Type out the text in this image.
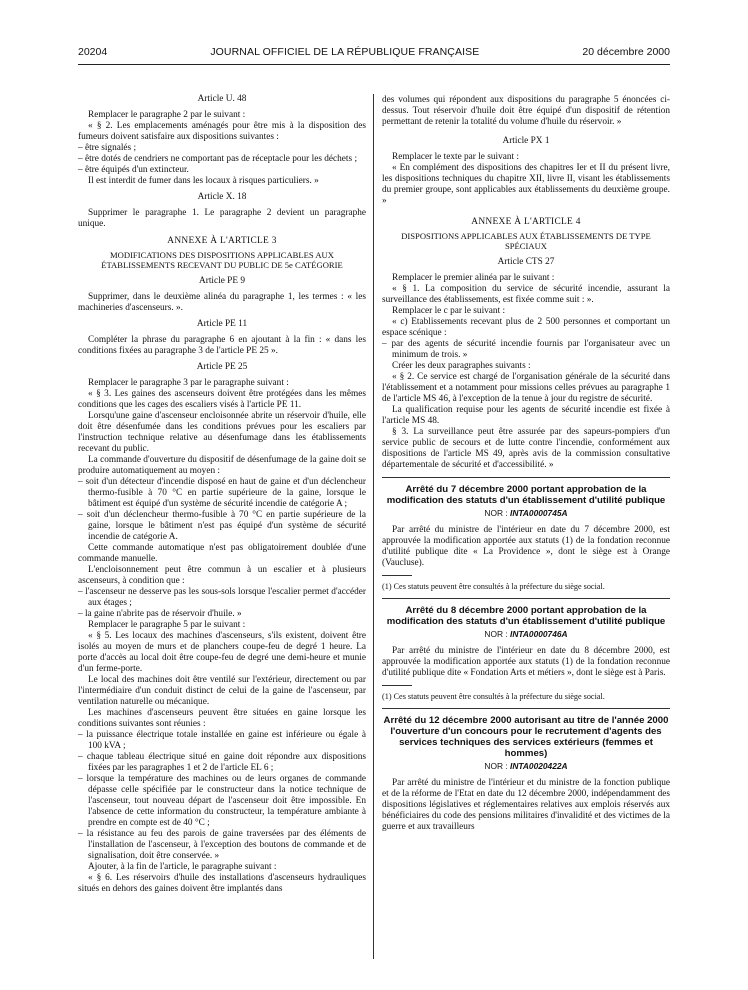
20204	JOURNAL OFFICIEL DE LA RÉPUBLIQUE FRANÇAISE	20 décembre 2000
Article U. 48

Remplacer le paragraphe 2 par le suivant :

« § 2. Les emplacements aménagés pour être mis à la disposition des fumeurs doivent satisfaire aux dispositions suivantes :

– être signalés ;

– être dotés de cendriers ne comportant pas de réceptacle pour les déchets ;

– être équipés d'un extincteur.

Il est interdit de fumer dans les locaux à risques particuliers. »

Article X. 18

Supprimer le paragraphe 1. Le paragraphe 2 devient un paragraphe unique.

ANNEXE À L'ARTICLE 3
MODIFICATIONS DES DISPOSITIONS APPLICABLES AUX ÉTABLISSEMENTS RECEVANT DU PUBLIC DE 5e CATÉGORIE
Article PE 9

Supprimer, dans le deuxième alinéa du paragraphe 1, les termes : « les machineries d'ascenseurs. ».

Article PE 11

Compléter la phrase du paragraphe 6 en ajoutant à la fin : « dans les conditions fixées au paragraphe 3 de l'article PE 25 ».

Article PE 25

Remplacer le paragraphe 3 par le paragraphe suivant :

« § 3. Les gaines des ascenseurs doivent être protégées dans les mêmes conditions que les cages des escaliers visés à l'article PE 11.

Lorsqu'une gaine d'ascenseur encloisonnée abrite un réservoir d'huile, elle doit être désenfumée dans les conditions prévues pour les escaliers par l'instruction technique relative au désenfumage dans les établissements recevant du public.

La commande d'ouverture du dispositif de désenfumage de la gaine doit se produire automatiquement au moyen :

– soit d'un détecteur d'incendie disposé en haut de gaine et d'un déclencheur thermo-fusible à 70 °C en partie supérieure de la gaine, lorsque le bâtiment est équipé d'un système de sécurité incendie de catégorie A ;

– soit d'un déclencheur thermo-fusible à 70 °C en partie supérieure de la gaine, lorsque le bâtiment n'est pas équipé d'un système de sécurité incendie de catégorie A.

Cette commande automatique n'est pas obligatoirement doublée d'une commande manuelle.

L'encloisonnement peut être commun à un escalier et à plusieurs ascenseurs, à condition que :

– l'ascenseur ne desserve pas les sous-sols lorsque l'escalier permet d'accéder aux étages ;

– la gaine n'abrite pas de réservoir d'huile. »

Remplacer le paragraphe 5 par le suivant :

« § 5. Les locaux des machines d'ascenseurs, s'ils existent, doivent être isolés au moyen de murs et de planchers coupe-feu de degré 1 heure. La porte d'accès au local doit être coupe-feu de degré une demi-heure et munie d'un ferme-porte.

Le local des machines doit être ventilé sur l'extérieur, directement ou par l'intermédiaire d'un conduit distinct de celui de la gaine de l'ascenseur, par ventilation naturelle ou mécanique.

Les machines d'ascenseurs peuvent être situées en gaine lorsque les conditions suivantes sont réunies :

– la puissance électrique totale installée en gaine est inférieure ou égale à 100 kVA ;

– chaque tableau électrique situé en gaine doit répondre aux dispositions fixées par les paragraphes 1 et 2 de l'article EL 6 ;

– lorsque la température des machines ou de leurs organes de commande dépasse celle spécifiée par le constructeur dans la notice technique de l'ascenseur, tout nouveau départ de l'ascenseur doit être impossible. En l'absence de cette information du constructeur, la température ambiante à prendre en compte est de 40 °C ;

– la résistance au feu des parois de gaine traversées par des éléments de l'installation de l'ascenseur, à l'exception des boutons de commande et de signalisation, doit être conservée. »

Ajouter, à la fin de l'article, le paragraphe suivant :

« § 6. Les réservoirs d'huile des installations d'ascenseurs hydrauliques situés en dehors des gaines doivent être implantés dans

des volumes qui répondent aux dispositions du paragraphe 5 énoncées ci-dessus. Tout réservoir d'huile doit être équipé d'un dispositif de rétention permettant de retenir la totalité du volume d'huile du réservoir. »

Article PX 1

Remplacer le texte par le suivant :

« En complément des dispositions des chapitres Ier et II du présent livre, les dispositions techniques du chapitre XII, livre II, visant les établissements du premier groupe, sont applicables aux établissements du deuxième groupe. »

ANNEXE À L'ARTICLE 4
DISPOSITIONS APPLICABLES AUX ÉTABLISSEMENTS DE TYPE SPÉCIAUX
Article CTS 27

Remplacer le premier alinéa par le suivant :

« § 1. La composition du service de sécurité incendie, assurant la surveillance des établissements, est fixée comme suit : ».

Remplacer le c par le suivant :

« c) Etablissements recevant plus de 2 500 personnes et comportant un espace scénique :

– par des agents de sécurité incendie fournis par l'organisateur avec un minimum de trois. »

Créer les deux paragraphes suivants :

« § 2. Ce service est chargé de l'organisation générale de la sécurité dans l'établissement et a notamment pour missions celles prévues au paragraphe 1 de l'article MS 46, à l'exception de la tenue à jour du registre de sécurité.

La qualification requise pour les agents de sécurité incendie est fixée à l'article MS 48.

§ 3. La surveillance peut être assurée par des sapeurs-pompiers d'un service public de secours et de lutte contre l'incendie, conformément aux dispositions de l'article MS 49, après avis de la commission consultative départementale de sécurité et d'accessibilité. »

Arrêté du 7 décembre 2000 portant approbation de la modification des statuts d'un établissement d'utilité publique
NOR : INTA0000745A

Par arrêté du ministre de l'intérieur en date du 7 décembre 2000, est approuvée la modification apportée aux statuts (1) de la fondation reconnue d'utilité publique dite « La Providence », dont le siège est à Orange (Vaucluse).

(1) Ces statuts peuvent être consultés à la préfecture du siège social.

Arrêté du 8 décembre 2000 portant approbation de la modification des statuts d'un établissement d'utilité publique
NOR : INTA0000746A

Par arrêté du ministre de l'intérieur en date du 8 décembre 2000, est approuvée la modification apportée aux statuts (1) de la fondation reconnue d'utilité publique dite « Fondation Arts et métiers », dont le siège est à Paris.

(1) Ces statuts peuvent être consultés à la préfecture du siège social.

Arrêté du 12 décembre 2000 autorisant au titre de l'année 2000 l'ouverture d'un concours pour le recrutement d'agents des services techniques des services extérieurs (femmes et hommes)
NOR : INTA0020422A

Par arrêté du ministre de l'intérieur et du ministre de la fonction publique et de la réforme de l'Etat en date du 12 décembre 2000, indépendamment des dispositions législatives et réglementaires relatives aux emplois réservés aux bénéficiaires du code des pensions militaires d'invalidité et des victimes de la guerre et aux travailleurs
